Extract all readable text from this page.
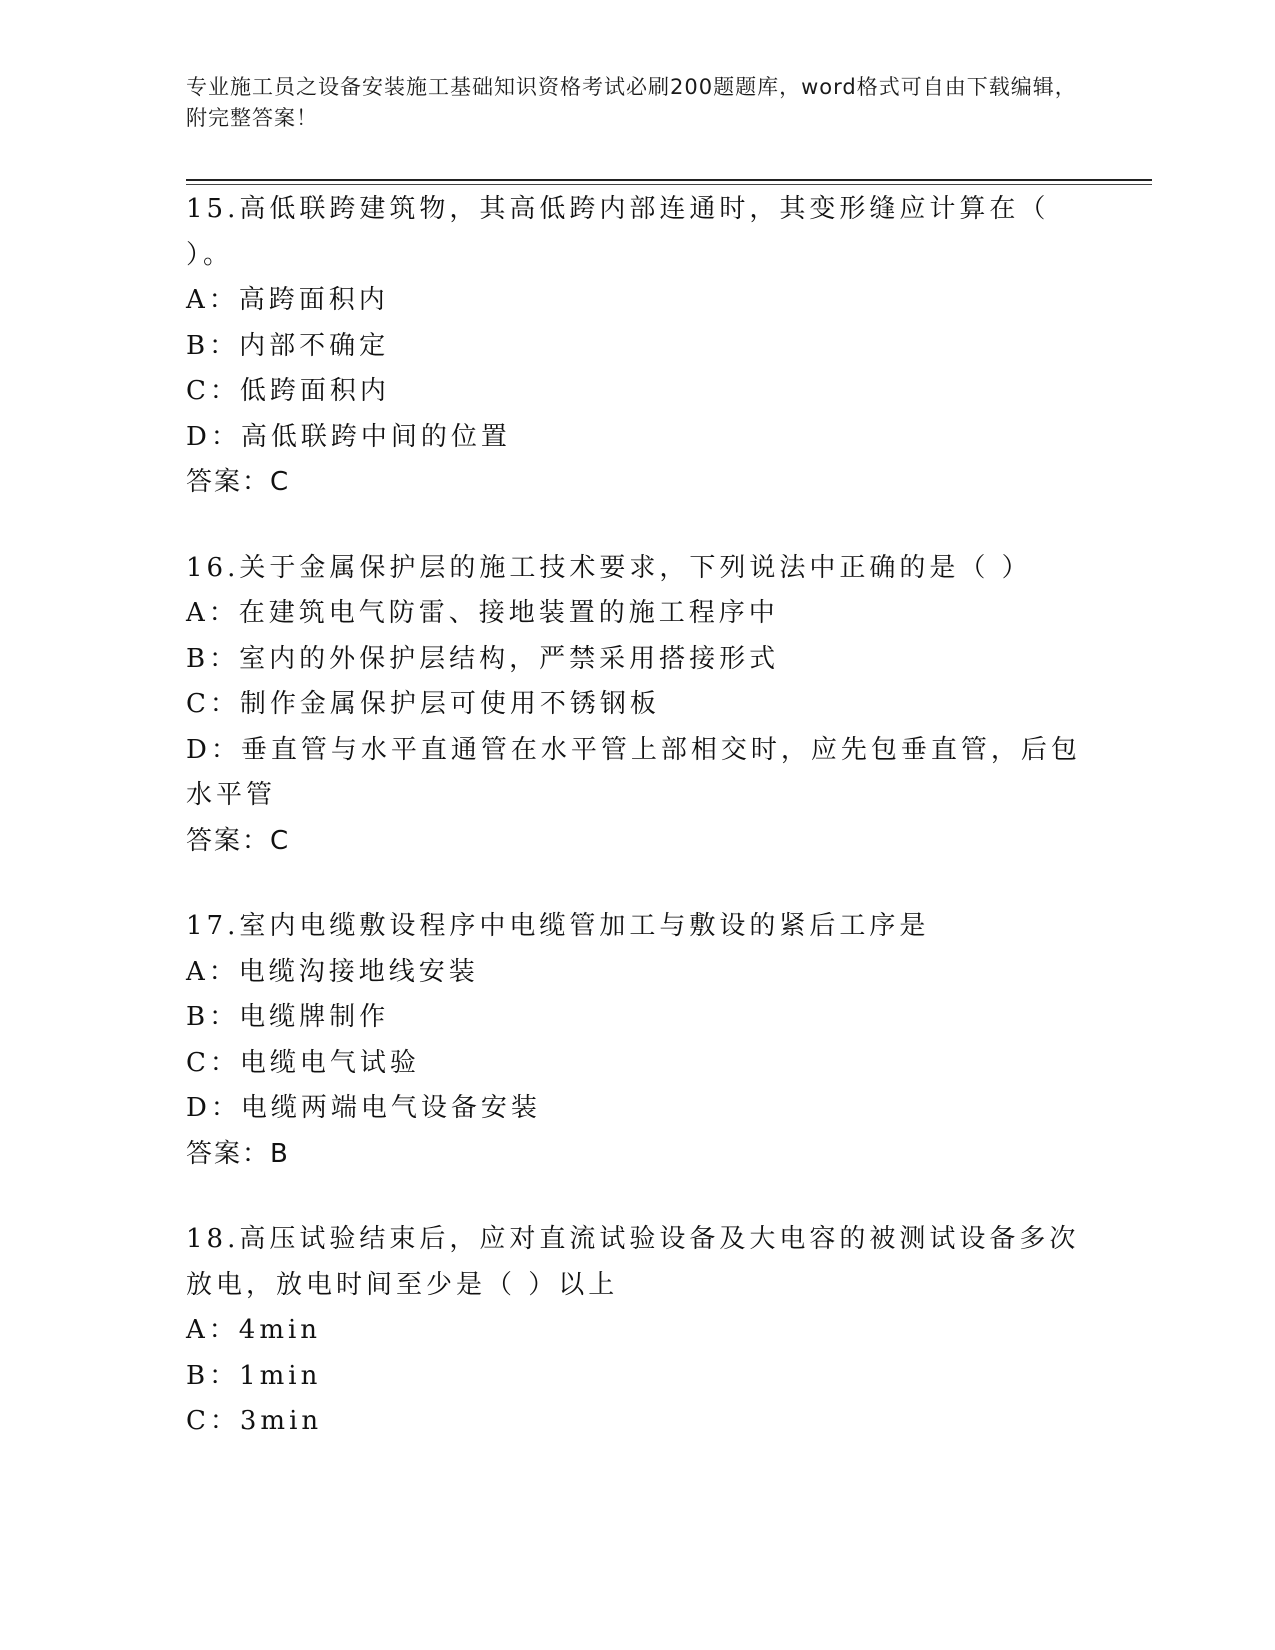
专业施工员之设备安装施工基础知识资格考试必刷200题题库，word格式可自由下载编辑，附完整答案！
15.高低联跨建筑物，其高低跨内部连通时，其变形缝应计算在（ ）。
A：高跨面积内
B：内部不确定
C：低跨面积内
D：高低联跨中间的位置
答案：C
16.关于金属保护层的施工技术要求，下列说法中正确的是（ ）
A：在建筑电气防雷、接地装置的施工程序中
B：室内的外保护层结构，严禁采用搭接形式
C：制作金属保护层可使用不锈钢板
D：垂直管与水平直通管在水平管上部相交时，应先包垂直管，后包水平管
答案：C
17.室内电缆敷设程序中电缆管加工与敷设的紧后工序是
A：电缆沟接地线安装
B：电缆牌制作
C：电缆电气试验
D：电缆两端电气设备安装
答案：B
18.高压试验结束后，应对直流试验设备及大电容的被测试设备多次放电，放电时间至少是（ ）以上
A：4min
B：1min
C：3min
